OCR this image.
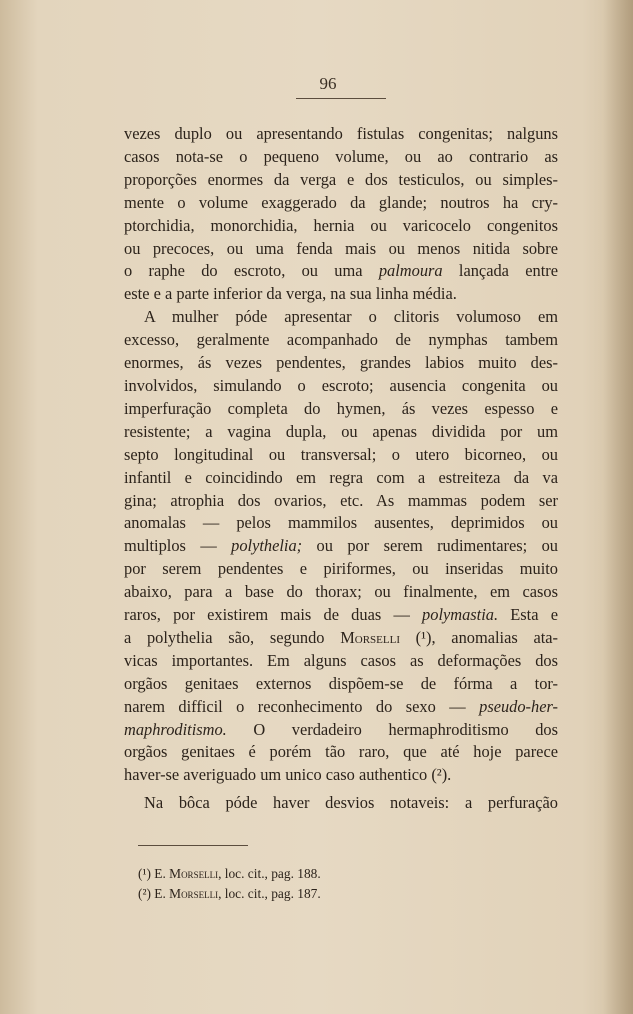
96
vezes duplo ou apresentando fistulas congenitas; nalguns
casos nota-se o pequeno volume, ou ao contrario as
proporções enormes da verga e dos testiculos, ou simples-
mente o volume exaggerado da glande; noutros ha cry-
ptorchidia, monorchidia, hernia ou varicocelo congenitos
ou precoces, ou uma fenda mais ou menos nitida sobre
o raphe do escroto, ou uma palmoura lançada entre
este e a parte inferior da verga, na sua linha média.
A mulher póde apresentar o clitoris volumoso em
excesso, geralmente acompanhado de nymphas tambem
enormes, ás vezes pendentes, grandes labios muito des-
involvidos, simulando o escroto; ausencia congenita ou
imperfuração completa do hymen, ás vezes espesso e
resistente; a vagina dupla, ou apenas dividida por um
septo longitudinal ou transversal; o utero bicorneo, ou
infantil e coincidindo em regra com a estreiteza da va
gina; atrophia dos ovarios, etc. As mammas podem ser
anomalas — pelos mammilos ausentes, deprimidos ou
multiplos — polythelia; ou por serem rudimentares; ou
por serem pendentes e piriformes, ou inseridas muito
abaixo, para a base do thorax; ou finalmente, em casos
raros, por existirem mais de duas — polymastia. Esta e
a polythelia são, segundo Morselli (¹), anomalias ata-
vicas importantes. Em alguns casos as deformações dos
orgãos genitaes externos dispõem-se de fórma a tor-
narem difficil o reconhecimento do sexo — pseudo-her-
maphroditismo. O verdadeiro hermaphroditismo dos
orgãos genitaes é porém tão raro, que até hoje parece
haver-se averiguado um unico caso authentico (²).
Na bôca póde haver desvios notaveis: a perfuração
(¹) E. Morselli, loc. cit., pag. 188.
(²) E. Morselli, loc. cit., pag. 187.
